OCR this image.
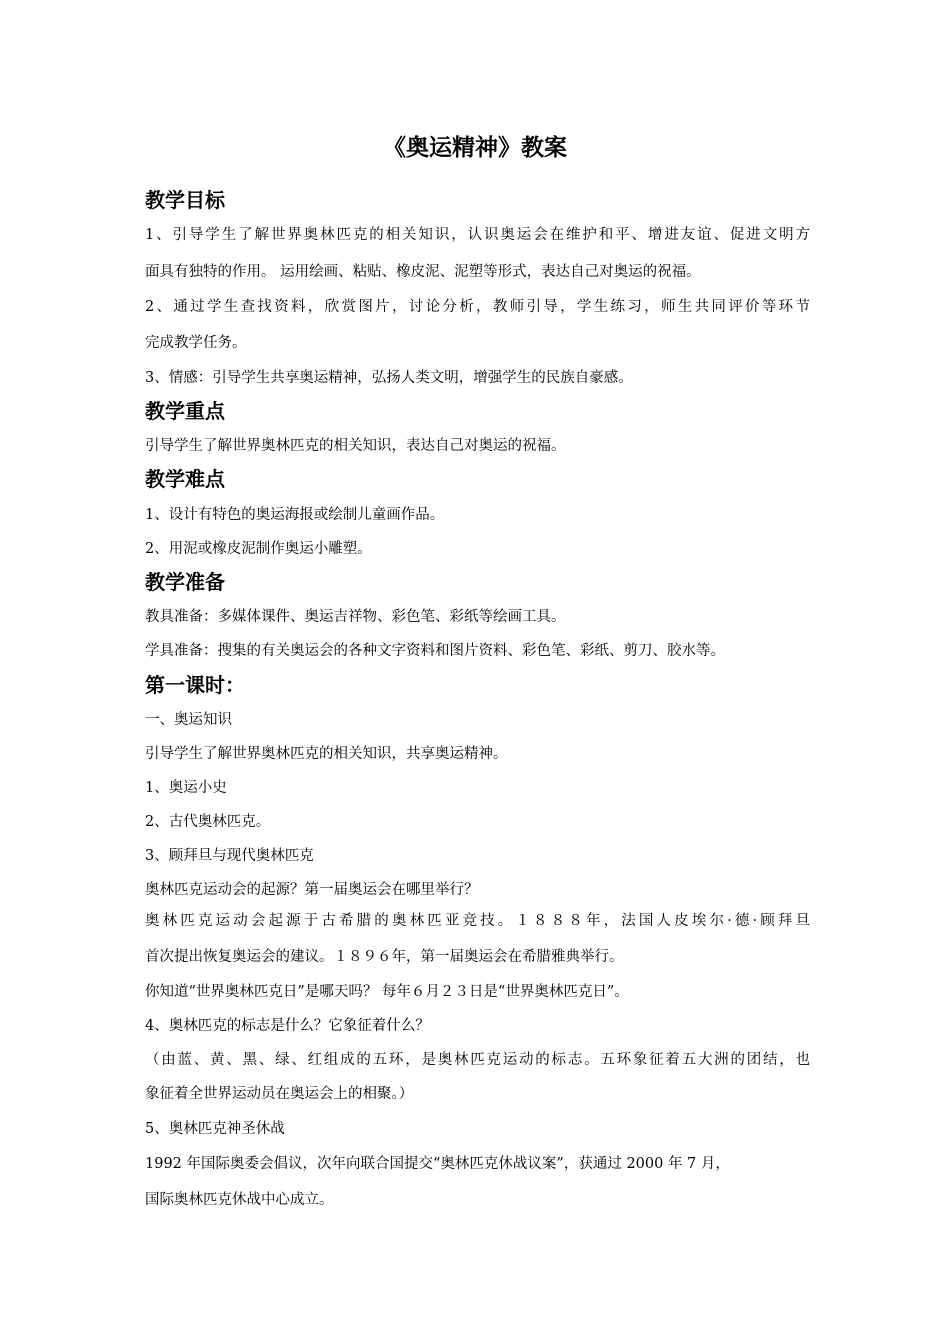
《奥运精神》教案
教学目标

1、引导学生了解世界奥林匹克的相关知识，认识奥运会在维护和平、增进友谊、促进文明方

面具有独特的作用。 运用绘画、粘贴、橡皮泥、泥塑等形式，表达自己对奥运的祝福。

2、通过学生查找资料，欣赏图片，讨论分析，教师引导，学生练习，师生共同评价等环节

完成教学任务。

3、情感：引导学生共享奥运精神，弘扬人类文明，增强学生的民族自豪感。

教学重点

引导学生了解世界奥林匹克的相关知识，表达自己对奥运的祝福。

教学难点

1、设计有特色的奥运海报或绘制儿童画作品。

2、用泥或橡皮泥制作奥运小雕塑。

教学准备

教具准备：多媒体课件、奥运吉祥物、彩色笔、彩纸等绘画工具。

学具准备：搜集的有关奥运会的各种文字资料和图片资料、彩色笔、彩纸、剪刀、胶水等。

第一课时：

一、奥运知识

引导学生了解世界奥林匹克的相关知识，共享奥运精神。

1、奥运小史

2、古代奥林匹克。

3、顾拜旦与现代奥林匹克

奥林匹克运动会的起源？第一届奥运会在哪里举行？

奥林匹克运动会起源于古希腊的奥林匹亚竞技。１８８８年，法国人皮埃尔·德·顾拜旦

首次提出恢复奥运会的建议。１８９６年，第一届奥运会在希腊雅典举行。

你知道“世界奥林匹克日”是哪天吗？ 每年６月２３日是“世界奥林匹克日”。

4、奥林匹克的标志是什么？它象征着什么？

（由蓝、黄、黑、绿、红组成的五环，是奥林匹克运动的标志。五环象征着五大洲的团结，也

象征着全世界运动员在奥运会上的相聚。）

5、奥林匹克神圣休战

1992 年国际奥委会倡议，次年向联合国提交“奥林匹克休战议案”，获通过 2000 年 7 月，

国际奥林匹克休战中心成立。
